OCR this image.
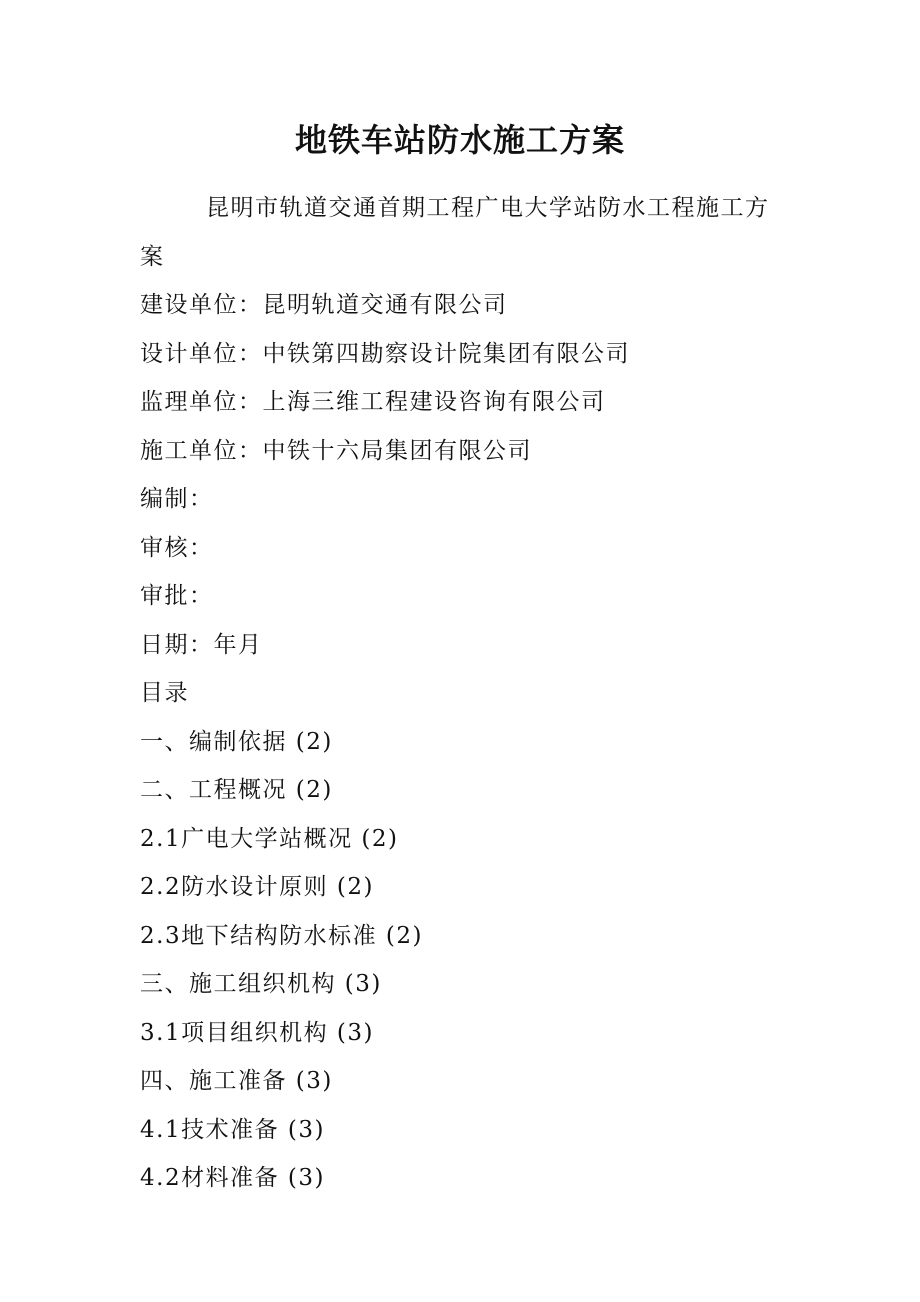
地铁车站防水施工方案

昆明市轨道交通首期工程广电大学站防水工程施工方案

建设单位：昆明轨道交通有限公司

设计单位：中铁第四勘察设计院集团有限公司

监理单位：上海三维工程建设咨询有限公司

施工单位：中铁十六局集团有限公司

编制：

审核：

审批：

日期：年月

目录

一、编制依据 (2)

二、工程概况 (2)

2.1广电大学站概况 (2)

2.2防水设计原则 (2)

2.3地下结构防水标准 (2)

三、施工组织机构 (3)

3.1项目组织机构 (3)

四、施工准备 (3)

4.1技术准备 (3)

4.2材料准备 (3)
